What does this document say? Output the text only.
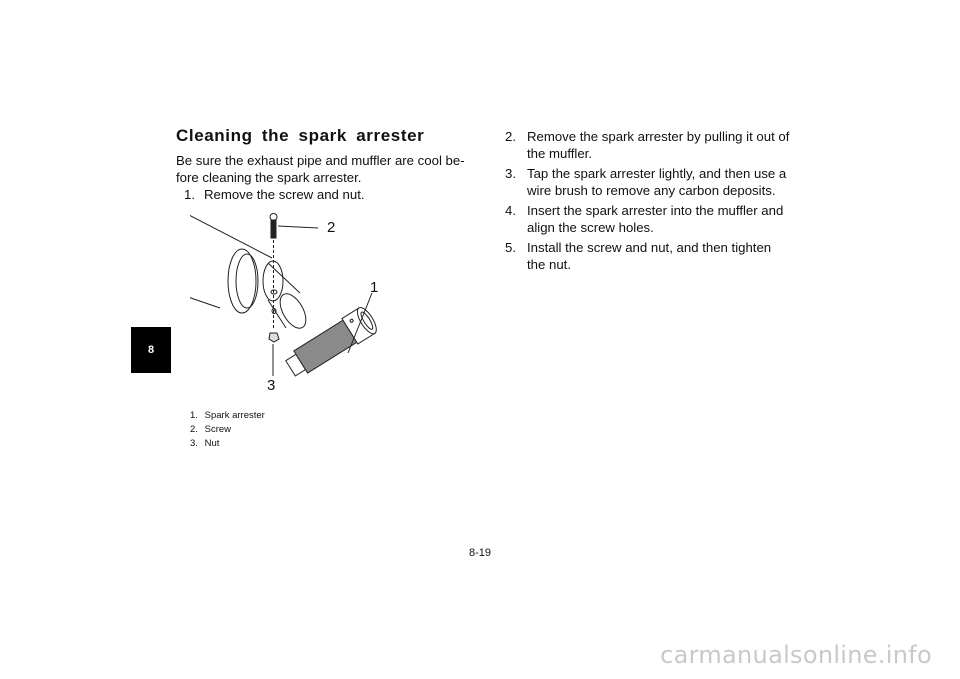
8
Cleaning the spark arrester

Be sure the exhaust pipe and muffler are cool be-

fore cleaning the spark arrester.

1. Remove the screw and nut.

2
1
3
1. Spark arrester
2. Screw
3. Nut

2. Remove the spark arrester by pulling it out of the muffler.

3. Tap the spark arrester lightly, and then use a wire brush to remove any carbon deposits.

4. Insert the spark arrester into the muffler and align the screw holes.

5. Install the screw and nut, and then tighten the nut.

8-19
carmanualsonline.info
